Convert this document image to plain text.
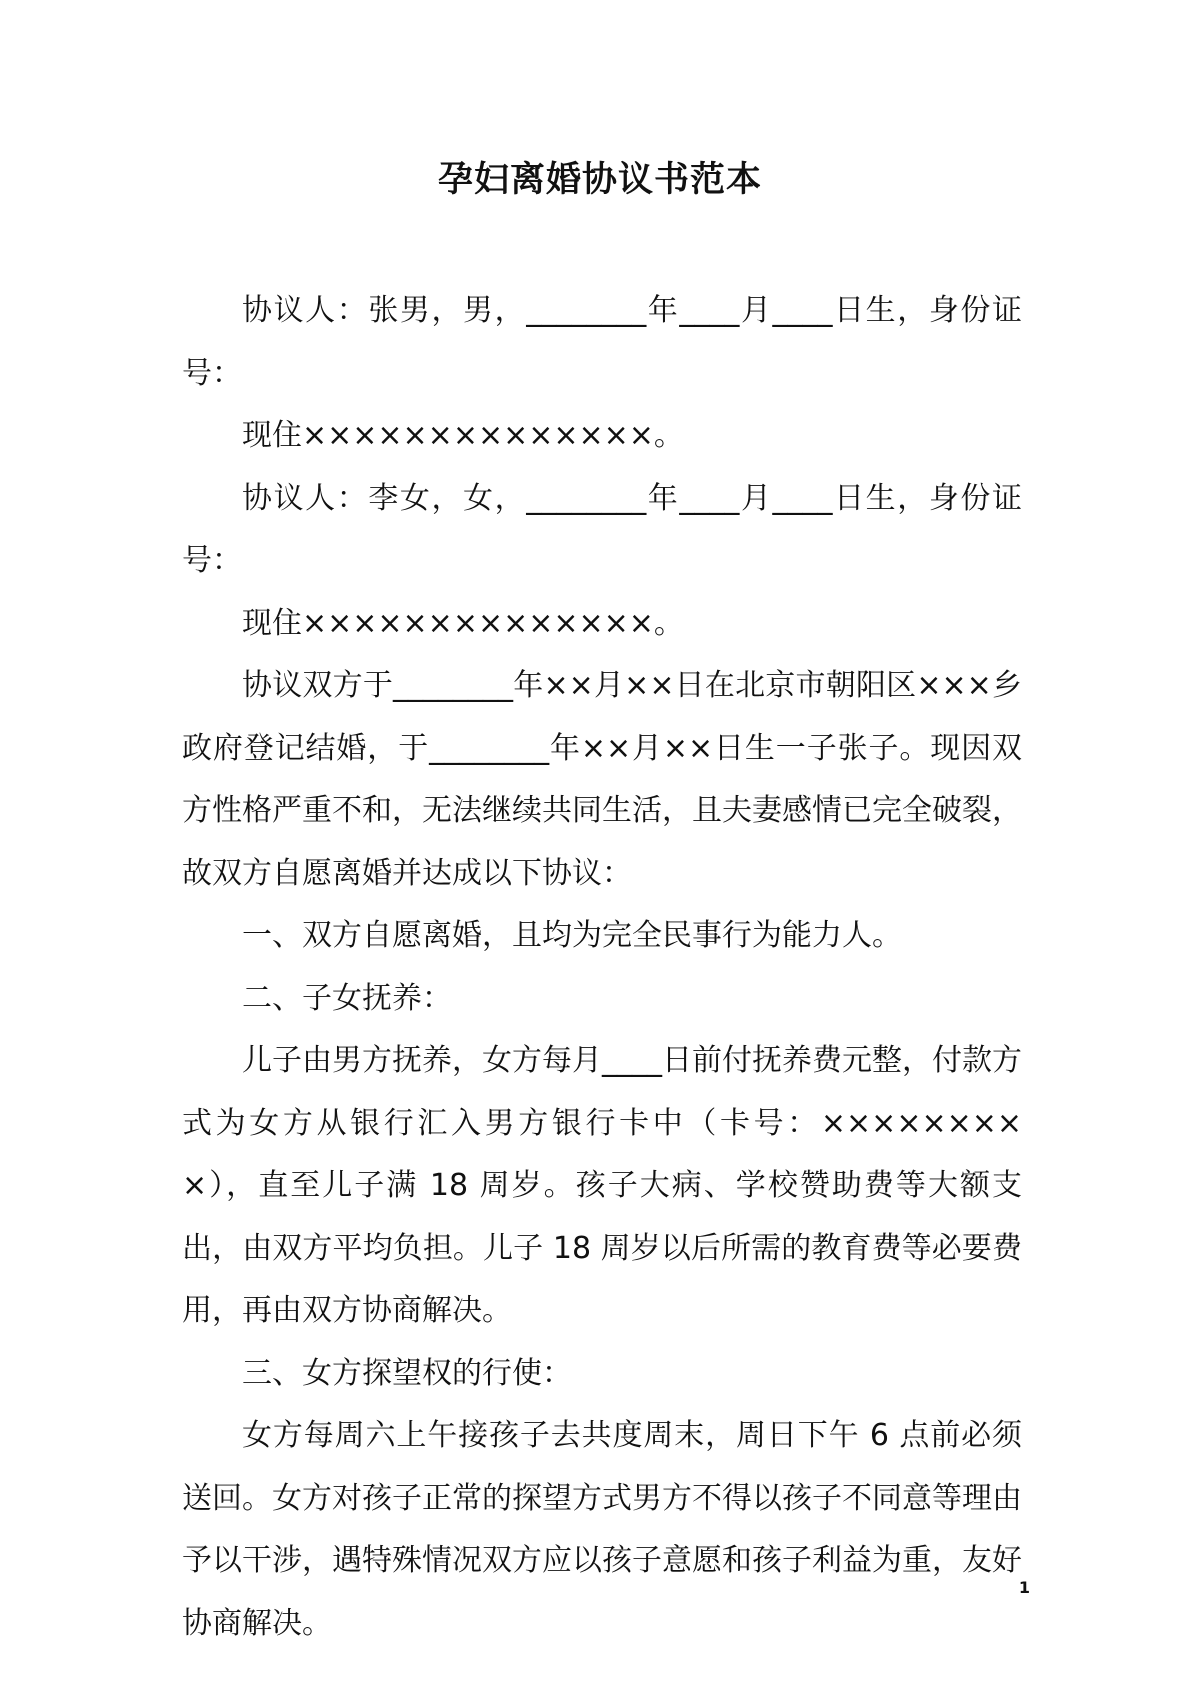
孕妇离婚协议书范本

协议人：张男，男，________年____月____日生，身份证号：

现住××××××××××××××。

协议人：李女，女，________年____月____日生，身份证号：

现住××××××××××××××。

协议双方于________年××月××日在北京市朝阳区×××乡政府登记结婚，于________年××月××日生一子张子。现因双方性格严重不和，无法继续共同生活，且夫妻感情已完全破裂，故双方自愿离婚并达成以下协议：

一、双方自愿离婚，且均为完全民事行为能力人。

二、子女抚养：

儿子由男方抚养，女方每月____日前付抚养费元整，付款方式为女方从银行汇入男方银行卡中（卡号：×××××××××），直至儿子满 18 周岁。孩子大病、学校赞助费等大额支出，由双方平均负担。儿子 18 周岁以后所需的教育费等必要费用，再由双方协商解决。

三、女方探望权的行使：

女方每周六上午接孩子去共度周末，周日下午 6 点前必须送回。女方对孩子正常的探望方式男方不得以孩子不同意等理由予以干涉，遇特殊情况双方应以孩子意愿和孩子利益为重，友好协商解决。

1
